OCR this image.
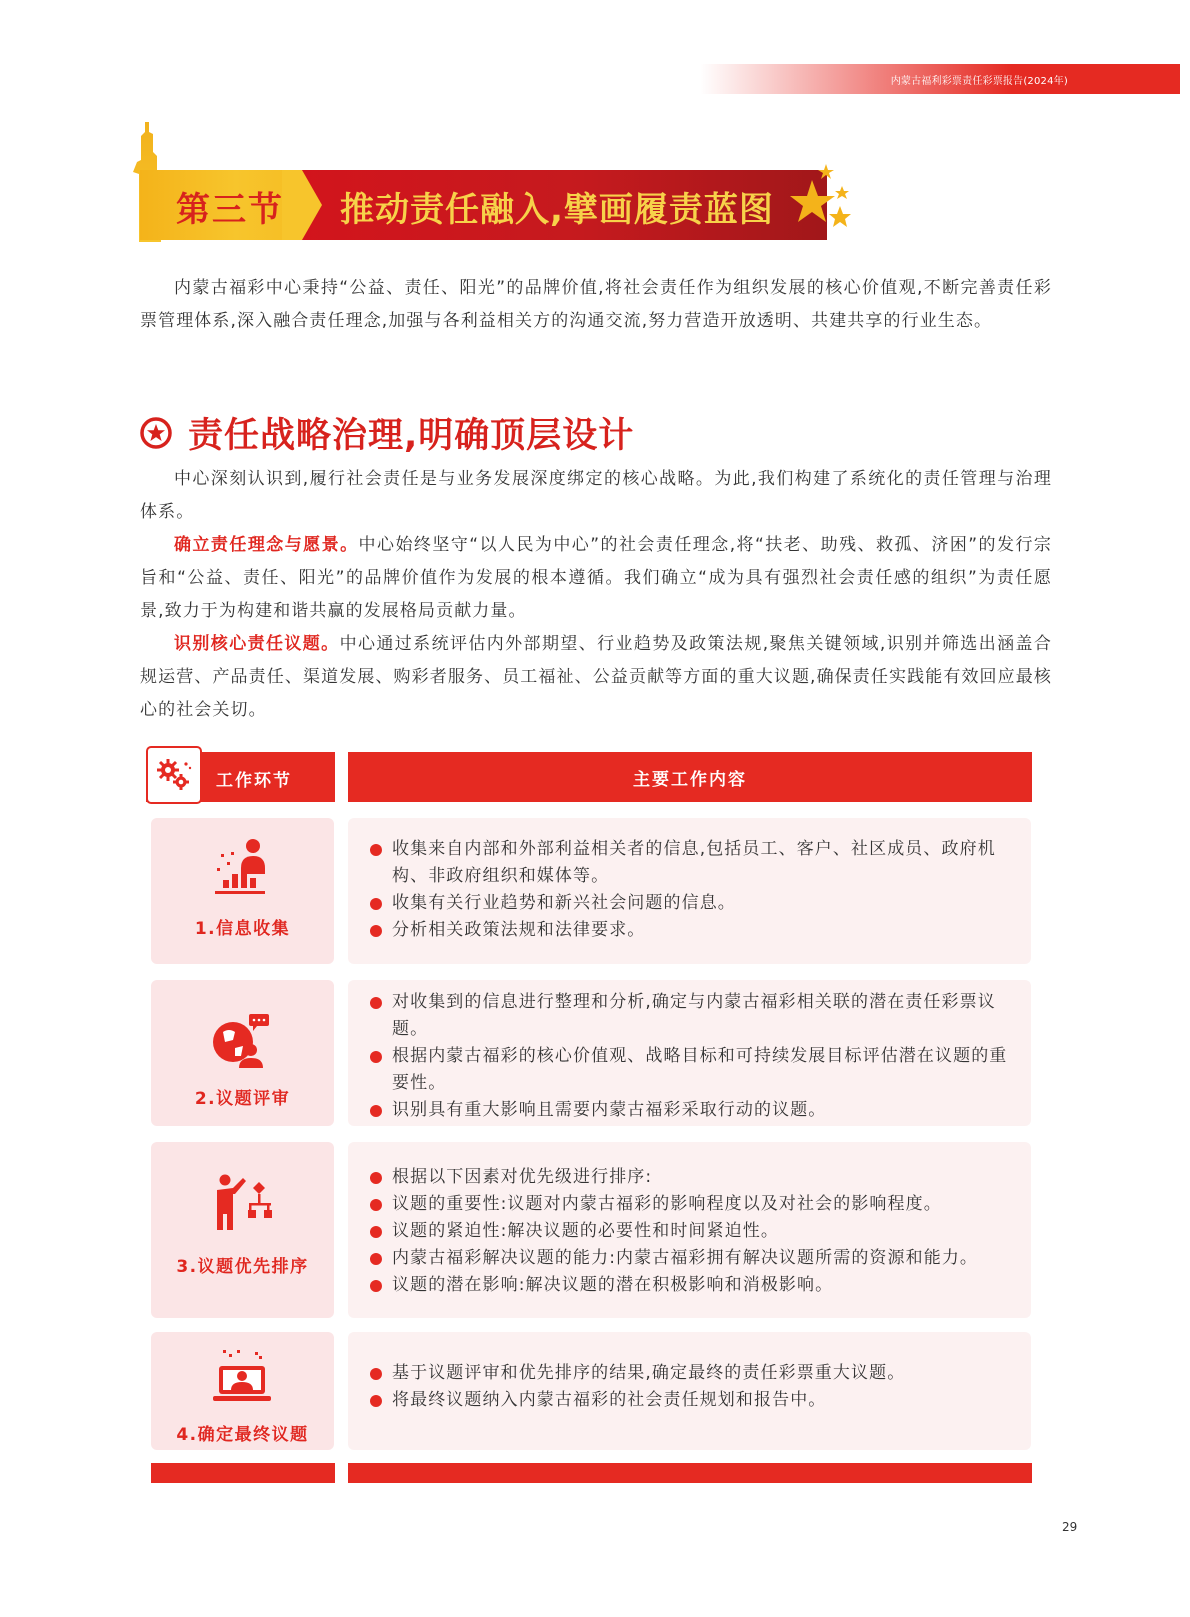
内蒙古福利彩票责任彩票报告(2024年)
第三节 推动责任融入,擘画履责蓝图
内蒙古福彩中心秉持“公益、责任、阳光”的品牌价值,将社会责任作为组织发展的核心价值观,不断完善责任彩票管理体系,深入融合责任理念,加强与各利益相关方的沟通交流,努力营造开放透明、共建共享的行业生态。
责任战略治理,明确顶层设计
中心深刻认识到,履行社会责任是与业务发展深度绑定的核心战略。为此,我们构建了系统化的责任管理与治理体系。
确立责任理念与愿景。中心始终坚守“以人民为中心”的社会责任理念,将“扶老、助残、救孤、济困”的发行宗旨和“公益、责任、阳光”的品牌价值作为发展的根本遵循。我们确立“成为具有强烈社会责任感的组织”为责任愿景,致力于为构建和谐共赢的发展格局贡献力量。
识别核心责任议题。中心通过系统评估内外部期望、行业趋势及政策法规,聚焦关键领域,识别并筛选出涵盖合规运营、产品责任、渠道发展、购彩者服务、员工福祉、公益贡献等方面的重大议题,确保责任实践能有效回应最核心的社会关切。
工作环节	主要工作内容
1.信息收集
收集来自内部和外部利益相关者的信息,包括员工、客户、社区成员、政府机构、非政府组织和媒体等。
收集有关行业趋势和新兴社会问题的信息。
分析相关政策法规和法律要求。
2.议题评审
对收集到的信息进行整理和分析,确定与内蒙古福彩相关联的潜在责任彩票议题。
根据内蒙古福彩的核心价值观、战略目标和可持续发展目标评估潜在议题的重要性。
识别具有重大影响且需要内蒙古福彩采取行动的议题。
3.议题优先排序
根据以下因素对优先级进行排序:
议题的重要性:议题对内蒙古福彩的影响程度以及对社会的影响程度。
议题的紧迫性:解决议题的必要性和时间紧迫性。
内蒙古福彩解决议题的能力:内蒙古福彩拥有解决议题所需的资源和能力。
议题的潜在影响:解决议题的潜在积极影响和消极影响。
4.确定最终议题
基于议题评审和优先排序的结果,确定最终的责任彩票重大议题。
将最终议题纳入内蒙古福彩的社会责任规划和报告中。
29
